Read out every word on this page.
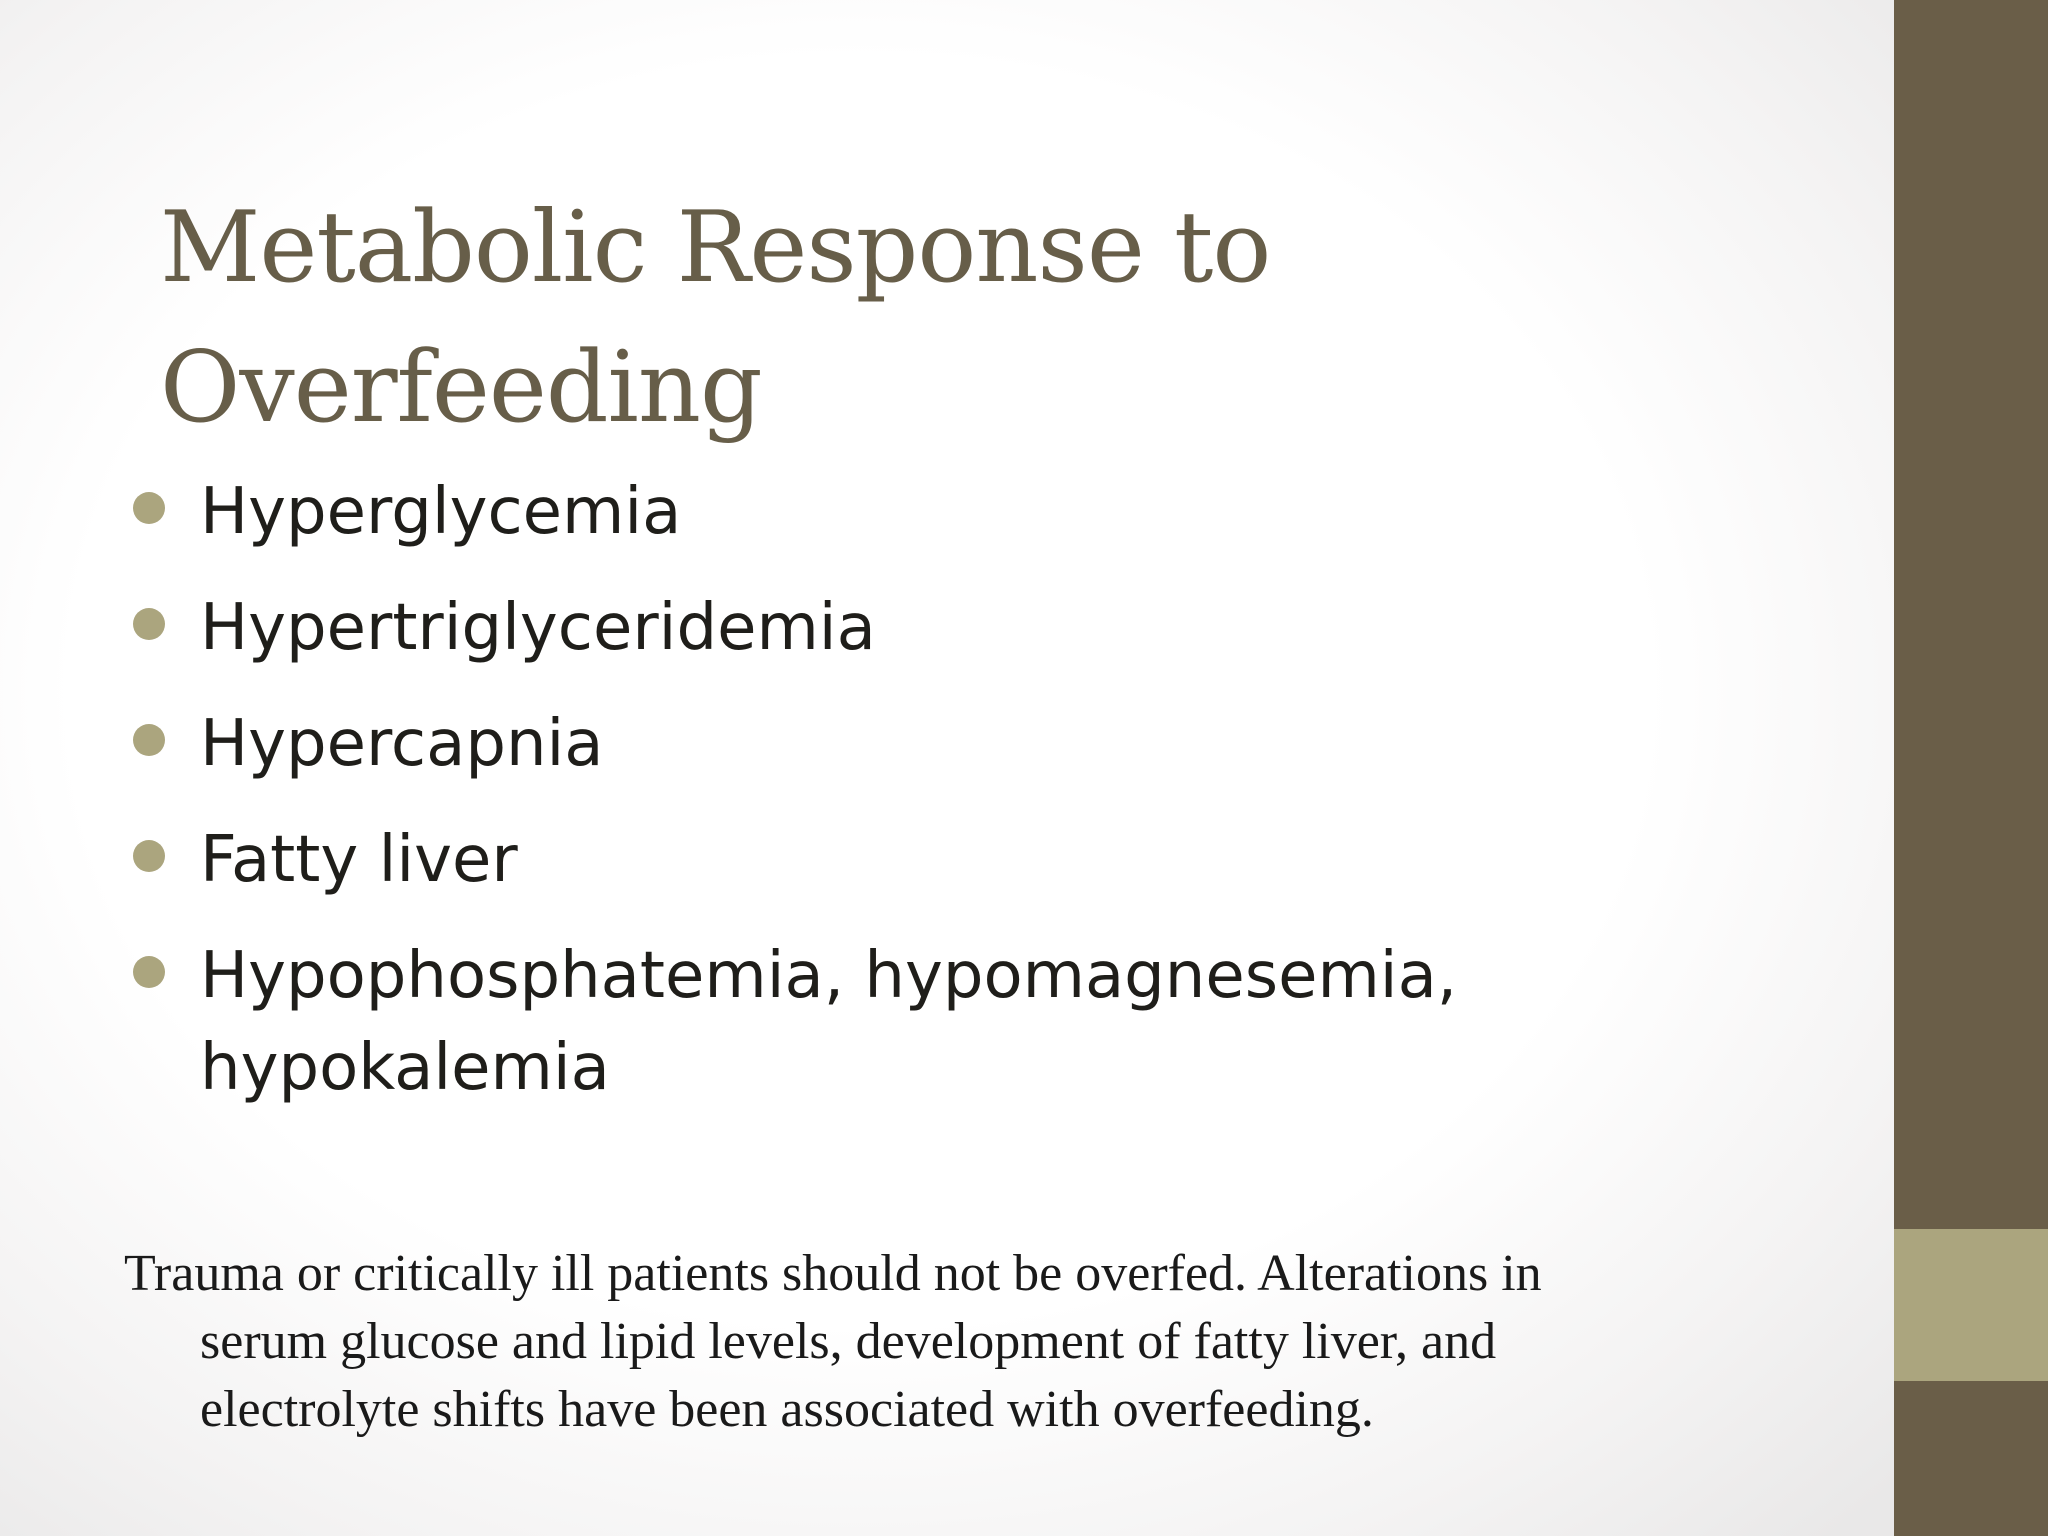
Metabolic Response to
Overfeeding
Hyperglycemia
Hypertriglyceridemia
Hypercapnia
Fatty liver
Hypophosphatemia, hypomagnesemia,
hypokalemia

Trauma or critically ill patients should not be overfed. Alterations in
serum glucose and lipid levels, development of fatty liver, and
electrolyte shifts have been associated with overfeeding.
